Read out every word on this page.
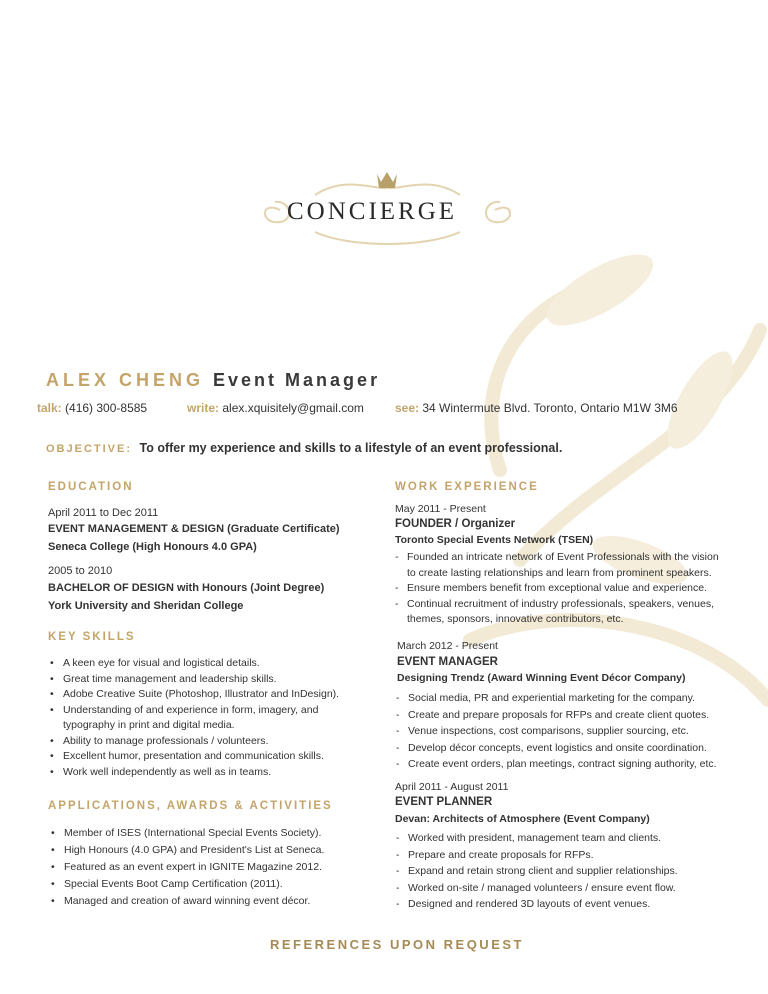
CONCIERGE
ALEX CHENG Event Manager
talk: (416) 300-8585	write: alex.xquisitely@gmail.com	see: 34 Wintermute Blvd. Toronto, Ontario M1W 3M6
OBJECTIVE: To offer my experience and skills to a lifestyle of an event professional.
EDUCATION
April 2011 to Dec 2011
EVENT MANAGEMENT & DESIGN (Graduate Certificate)
Seneca College (High Honours 4.0 GPA)
2005 to 2010
BACHELOR OF DESIGN with Honours (Joint Degree)
York University and Sheridan College
KEY SKILLS
• A keen eye for visual and logistical details.
• Great time management and leadership skills.
• Adobe Creative Suite (Photoshop, Illustrator and InDesign).
• Understanding of and experience in form, imagery, and
typography in print and digital media.
• Ability to manage professionals / volunteers.
• Excellent humor, presentation and communication skills.
• Work well independently as well as in teams.
APPLICATIONS, AWARDS & ACTIVITIES
• Member of ISES (International Special Events Society).
• High Honours (4.0 GPA) and President's List at Seneca.
• Featured as an event expert in IGNITE Magazine 2012.
• Special Events Boot Camp Certification (2011).
• Managed and creation of award winning event décor.
WORK EXPERIENCE
May 2011 - Present
FOUNDER / Organizer
Toronto Special Events Network (TSEN)
- Founded an intricate network of Event Professionals with the vision
to create lasting relationships and learn from prominent speakers.
- Ensure members benefit from exceptional value and experience.
- Continual recruitment of industry professionals, speakers, venues,
themes, sponsors, innovative contributors, etc.
March 2012 - Present
EVENT MANAGER
Designing Trendz (Award Winning Event Décor Company)
- Social media, PR and experiential marketing for the company.
- Create and prepare proposals for RFPs and create client quotes.
- Venue inspections, cost comparisons, supplier sourcing, etc.
- Develop décor concepts, event logistics and onsite coordination.
- Create event orders, plan meetings, contract signing authority, etc.
April 2011 - August 2011
EVENT PLANNER
Devan: Architects of Atmosphere (Event Company)
- Worked with president, management team and clients.
- Prepare and create proposals for RFPs.
- Expand and retain strong client and supplier relationships.
- Worked on-site / managed volunteers / ensure event flow.
- Designed and rendered 3D layouts of event venues.
REFERENCES UPON REQUEST
